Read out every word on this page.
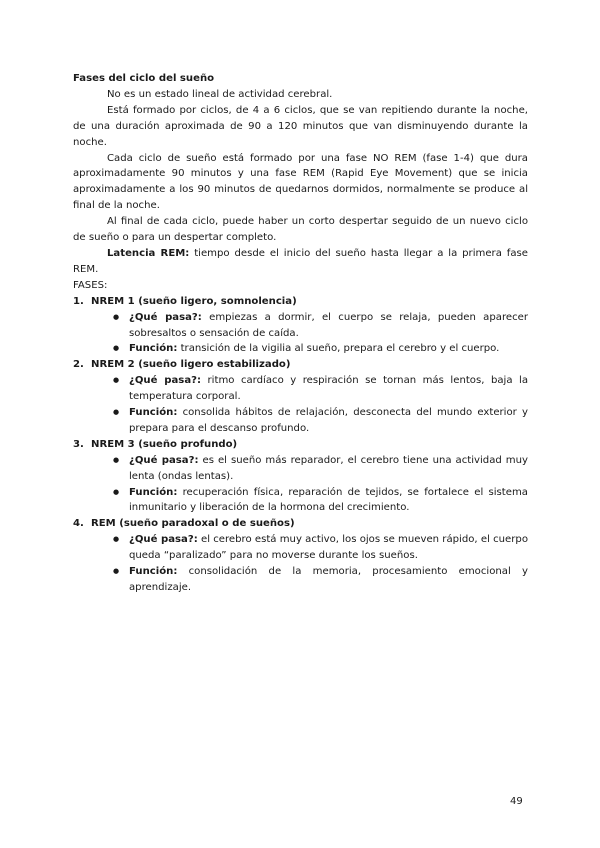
Fases del ciclo del sueño

No es un estado lineal de actividad cerebral.

Está formado por ciclos, de 4 a 6 ciclos, que se van repitiendo durante la noche, de una duración aproximada de 90 a 120 minutos que van disminuyendo durante la noche.

Cada ciclo de sueño está formado por una fase NO REM (fase 1-4) que dura aproximadamente 90 minutos y una fase REM (Rapid Eye Movement) que se inicia aproximadamente a los 90 minutos de quedarnos dormidos, normalmente se produce al final de la noche.

Al final de cada ciclo, puede haber un corto despertar seguido de un nuevo ciclo de sueño o para un despertar completo.

Latencia REM: tiempo desde el inicio del sueño hasta llegar a la primera fase REM.

FASES:

1. NREM 1 (sueño ligero, somnolencia)

● ¿Qué pasa?: empiezas a dormir, el cuerpo se relaja, pueden aparecer sobresaltos o sensación de caída.
● Función: transición de la vigilia al sueño, prepara el cerebro y el cuerpo.

2. NREM 2 (sueño ligero estabilizado)

● ¿Qué pasa?: ritmo cardíaco y respiración se tornan más lentos, baja la temperatura corporal.
● Función: consolida hábitos de relajación, desconecta del mundo exterior y prepara para el descanso profundo.

3. NREM 3 (sueño profundo)

● ¿Qué pasa?: es el sueño más reparador, el cerebro tiene una actividad muy lenta (ondas lentas).
● Función: recuperación física, reparación de tejidos, se fortalece el sistema inmunitario y liberación de la hormona del crecimiento.

4. REM (sueño paradoxal o de sueños)

● ¿Qué pasa?: el cerebro está muy activo, los ojos se mueven rápido, el cuerpo queda “paralizado” para no moverse durante los sueños.
● Función: consolidación de la memoria, procesamiento emocional y aprendizaje.
49
